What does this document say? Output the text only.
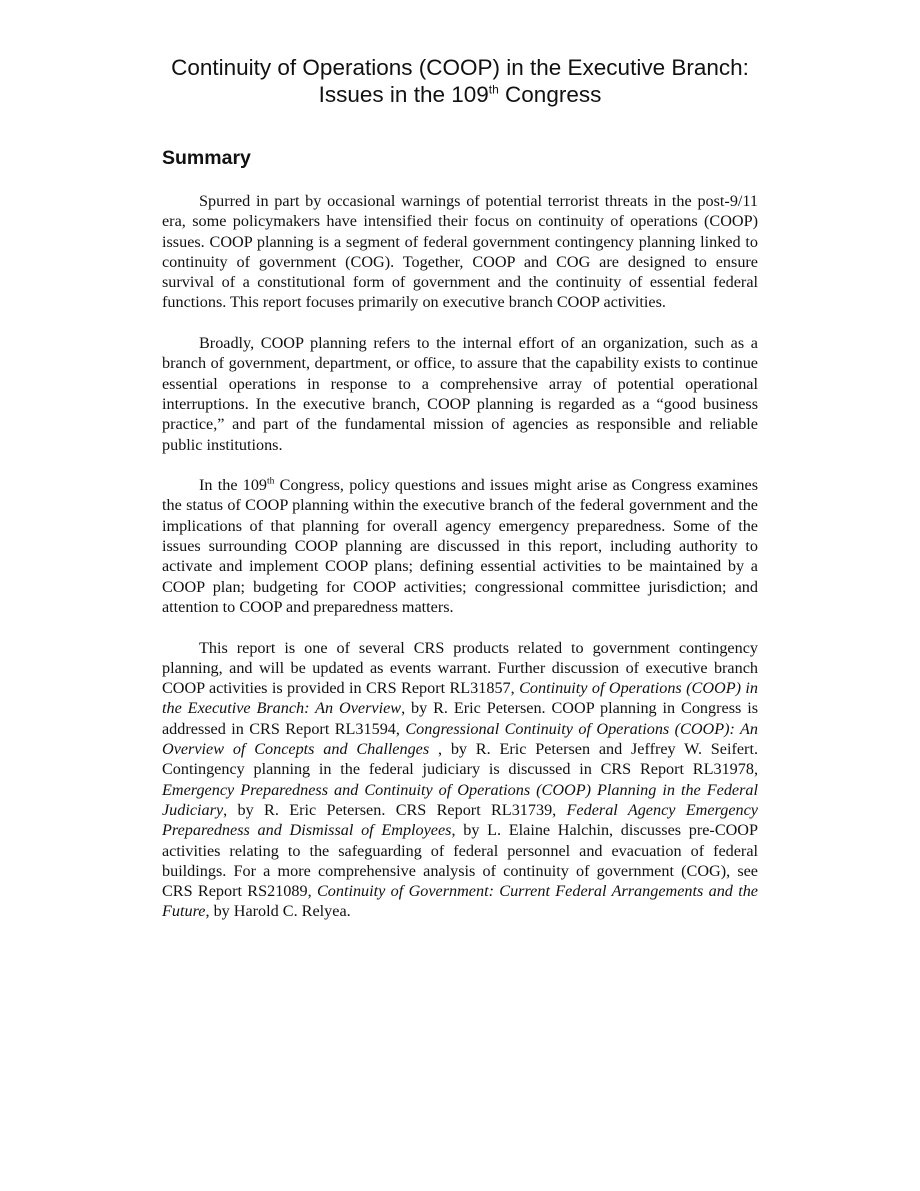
Continuity of Operations (COOP) in the Executive Branch: Issues in the 109th Congress
Summary

Spurred in part by occasional warnings of potential terrorist threats in the post-9/11 era, some policymakers have intensified their focus on continuity of operations (COOP) issues. COOP planning is a segment of federal government contingency planning linked to continuity of government (COG). Together, COOP and COG are designed to ensure survival of a constitutional form of government and the continuity of essential federal functions. This report focuses primarily on executive branch COOP activities.

Broadly, COOP planning refers to the internal effort of an organization, such as a branch of government, department, or office, to assure that the capability exists to continue essential operations in response to a comprehensive array of potential operational interruptions. In the executive branch, COOP planning is regarded as a “good business practice,” and part of the fundamental mission of agencies as responsible and reliable public institutions.

In the 109th Congress, policy questions and issues might arise as Congress examines the status of COOP planning within the executive branch of the federal government and the implications of that planning for overall agency emergency preparedness. Some of the issues surrounding COOP planning are discussed in this report, including authority to activate and implement COOP plans; defining essential activities to be maintained by a COOP plan; budgeting for COOP activities; congressional committee jurisdiction; and attention to COOP and preparedness matters.

This report is one of several CRS products related to government contingency planning, and will be updated as events warrant. Further discussion of executive branch COOP activities is provided in CRS Report RL31857, Continuity of Operations (COOP) in the Executive Branch: An Overview, by R. Eric Petersen. COOP planning in Congress is addressed in CRS Report RL31594, Congressional Continuity of Operations (COOP): An Overview of Concepts and Challenges , by R. Eric Petersen and Jeffrey W. Seifert. Contingency planning in the federal judiciary is discussed in CRS Report RL31978, Emergency Preparedness and Continuity of Operations (COOP) Planning in the Federal Judiciary, by R. Eric Petersen. CRS Report RL31739, Federal Agency Emergency Preparedness and Dismissal of Employees, by L. Elaine Halchin, discusses pre-COOP activities relating to the safeguarding of federal personnel and evacuation of federal buildings. For a more comprehensive analysis of continuity of government (COG), see CRS Report RS21089, Continuity of Government: Current Federal Arrangements and the Future, by Harold C. Relyea.
